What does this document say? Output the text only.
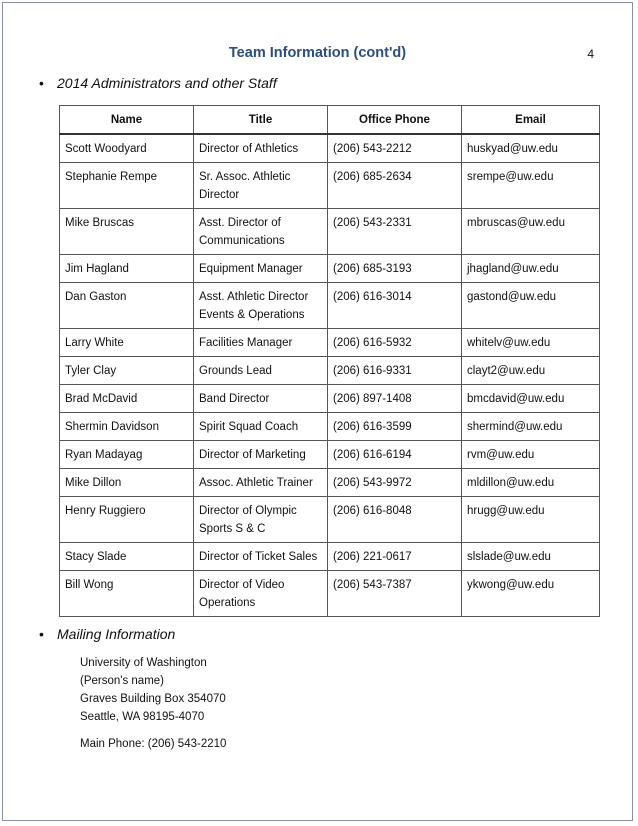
Team Information (cont'd)	4
• 2014 Administrators and other Staff
Name	Title	Office Phone	Email
Scott Woodyard	Director of Athletics	(206) 543-2212	huskyad@uw.edu
Stephanie Rempe	Sr. Assoc. Athletic Director	(206) 685-2634	srempe@uw.edu
Mike Bruscas	Asst. Director of Communications	(206) 543-2331	mbruscas@uw.edu
Jim Hagland	Equipment Manager	(206) 685-3193	jhagland@uw.edu
Dan Gaston	Asst. Athletic Director Events & Operations	(206) 616-3014	gastond@uw.edu
Larry White	Facilities Manager	(206) 616-5932	whitelv@uw.edu
Tyler Clay	Grounds Lead	(206) 616-9331	clayt2@uw.edu
Brad McDavid	Band Director	(206) 897-1408	bmcdavid@uw.edu
Shermin Davidson	Spirit Squad Coach	(206) 616-3599	shermind@uw.edu
Ryan Madayag	Director of Marketing	(206) 616-6194	rvm@uw.edu
Mike Dillon	Assoc. Athletic Trainer	(206) 543-9972	mldillon@uw.edu
Henry Ruggiero	Director of Olympic Sports S & C	(206) 616-8048	hrugg@uw.edu
Stacy Slade	Director of Ticket Sales	(206) 221-0617	slslade@uw.edu
Bill Wong	Director of Video Operations	(206) 543-7387	ykwong@uw.edu
• Mailing Information
University of Washington
(Person's name)
Graves Building Box 354070
Seattle, WA 98195-4070
Main Phone: (206) 543-2210
